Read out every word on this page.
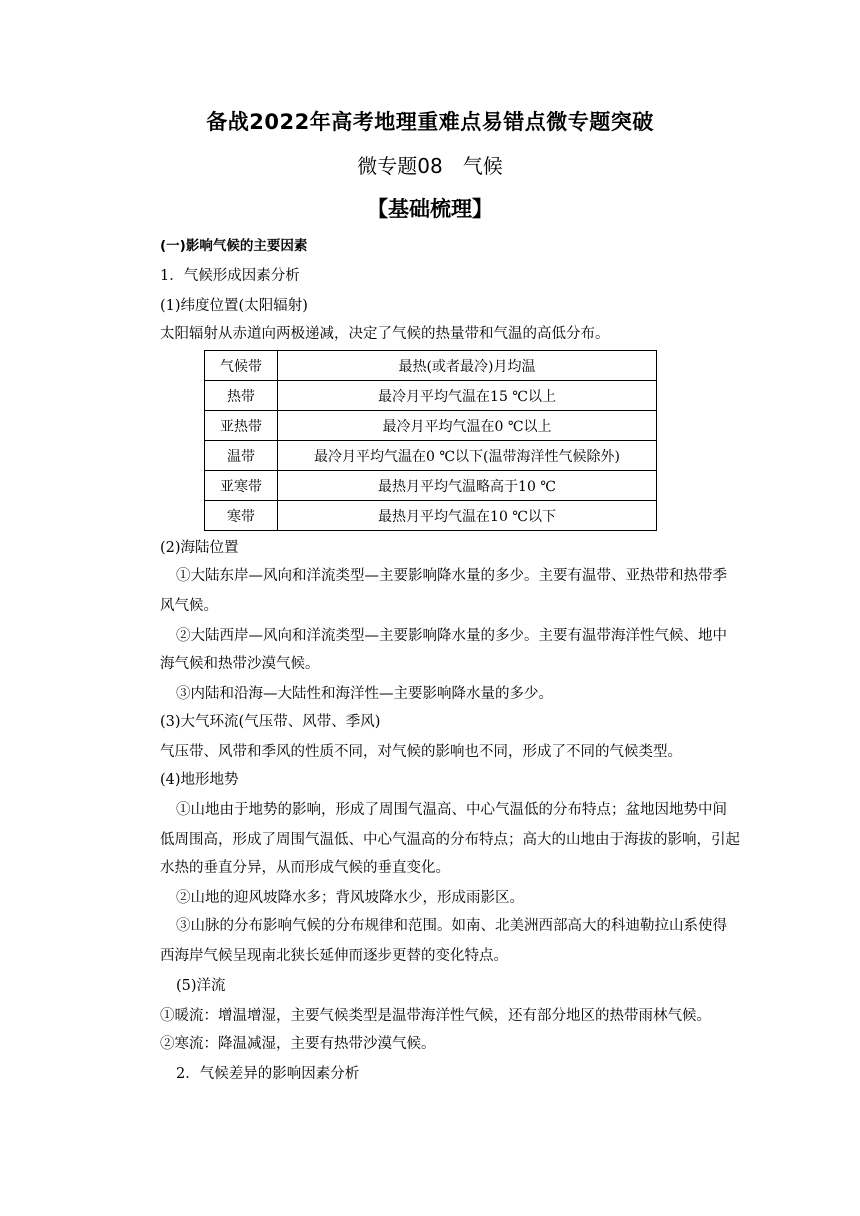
备战2022年高考地理重难点易错点微专题突破
微专题08　气候
【基础梳理】
(一)影响气候的主要因素
1．气候形成因素分析
(1)纬度位置(太阳辐射)
太阳辐射从赤道向两极递减，决定了气候的热量带和气温的高低分布。
气候带	最热(或者最冷)月均温
热带	最冷月平均气温在15 ℃以上
亚热带	最冷月平均气温在0 ℃以上
温带	最冷月平均气温在0 ℃以下(温带海洋性气候除外)
亚寒带	最热月平均气温略高于10 ℃
寒带	最热月平均气温在10 ℃以下
(2)海陆位置
①大陆东岸—风向和洋流类型—主要影响降水量的多少。主要有温带、亚热带和热带季
风气候。
②大陆西岸—风向和洋流类型—主要影响降水量的多少。主要有温带海洋性气候、地中
海气候和热带沙漠气候。
③内陆和沿海—大陆性和海洋性—主要影响降水量的多少。
(3)大气环流(气压带、风带、季风)
气压带、风带和季风的性质不同，对气候的影响也不同，形成了不同的气候类型。
(4)地形地势
①山地由于地势的影响，形成了周围气温高、中心气温低的分布特点；盆地因地势中间
低周围高，形成了周围气温低、中心气温高的分布特点；高大的山地由于海拔的影响，引起
水热的垂直分异，从而形成气候的垂直变化。
②山地的迎风坡降水多；背风坡降水少，形成雨影区。
③山脉的分布影响气候的分布规律和范围。如南、北美洲西部高大的科迪勒拉山系使得
西海岸气候呈现南北狭长延伸而逐步更替的变化特点。
(5)洋流
①暖流：增温增湿，主要气候类型是温带海洋性气候，还有部分地区的热带雨林气候。
②寒流：降温减湿，主要有热带沙漠气候。
2．气候差异的影响因素分析
